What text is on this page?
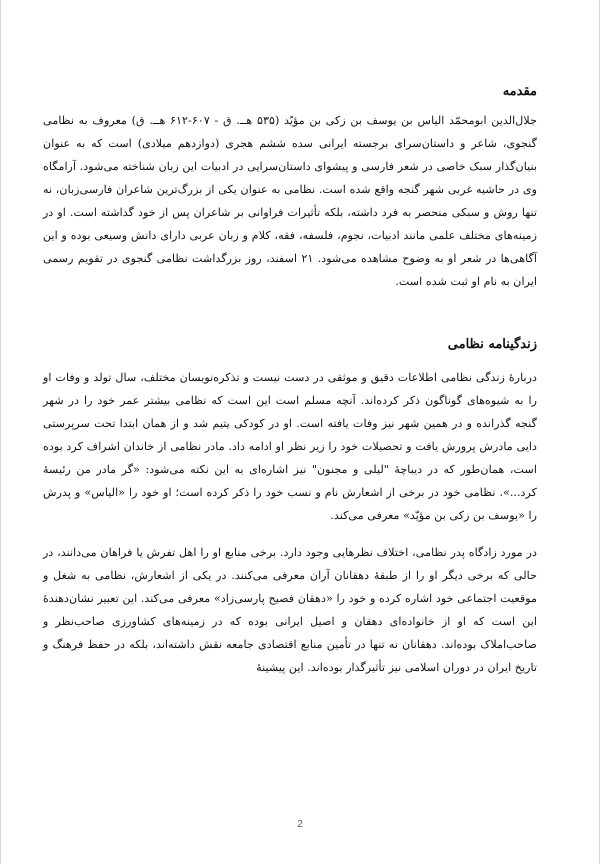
مقدمه

جلال‌الدین ابومحمّد الیاس بن یوسف بن زکی بن مؤیّد (۵۳۵ هــ. ق - ۶۰۷-۶۱۲ هــ. ق) معروف به نظامی گنجوی، شاعر و داستان‌سرای برجسته ایرانی سده ششم هجری (دوازدهم میلادی) است که به عنوان بنیان‌گذار سبک خاصی در شعر فارسی و پیشوای داستان‌سرایی در ادبیات این زبان شناخته می‌شود. آرامگاه وی در حاشیه غربی شهر گنجه واقع شده است. نظامی به عنوان یکی از بزرگ‌ترین شاعران فارسی‌زبان، نه تنها روش و سبکی منحصر به فرد داشته، بلکه تأثیرات فراوانی بر شاعران پس از خود گذاشته است. او در زمینه‌های مختلف علمی مانند ادبیات، نجوم، فلسفه، فقه، کلام و زبان عربی دارای دانش وسیعی بوده و این آگاهی‌ها در شعر او به وضوح مشاهده می‌شود. ۲۱ اسفند، روز بزرگداشت نظامی گنجوی در تقویم رسمی ایران به نام او ثبت شده است.

زندگینامه نظامی

دربارهٔ زندگی نظامی اطلاعات دقیق و موثقی در دست نیست و تذکره‌نویسان مختلف، سال تولد و وفات او را به شیوه‌های گوناگون ذکر کرده‌اند. آنچه مسلم است این است که نظامی بیشتر عمر خود را در شهر گنجه گذرانده و در همین شهر نیز وفات یافته است. او در کودکی یتیم شد و از همان ابتدا تحت سرپرستی دایی مادرش پرورش یافت و تحصیلات خود را زیر نظر او ادامه داد. مادر نظامی از خاندان اشراف کرد بوده است، همان‌طور که در دیباچهٔ "لیلی و مجنون" نیز اشاره‌ای به این نکته می‌شود: «گر مادر من رئیسهٔ کرد...». نظامی خود در برخی از اشعارش نام و نسب خود را ذکر کرده است؛ او خود را «الیاس» و پدرش را «یوسف بن زکی بن مؤیّد» معرفی می‌کند.

در مورد زادگاه پدر نظامی، اختلاف نظرهایی وجود دارد. برخی منابع او را اهل تفرش یا فراهان می‌دانند، در حالی که برخی دیگر او را از طبقهٔ دهقانان آران معرفی می‌کنند. در یکی از اشعارش، نظامی به شغل و موقعیت اجتماعی خود اشاره کرده و خود را «دهقان فصیح پارسی‌زاد» معرفی می‌کند. این تعبیر نشان‌دهندهٔ این است که او از خانواده‌ای دهقان و اصیل ایرانی بوده که در زمینه‌های کشاورزی صاحب‌نظر و صاحب‌املاک بوده‌اند. دهقانان نه تنها در تأمین منابع اقتصادی جامعه نقش داشته‌اند، بلکه در حفظ فرهنگ و تاریخ ایران در دوران اسلامی نیز تأثیرگذار بوده‌اند. این پیشینهٔ

2
